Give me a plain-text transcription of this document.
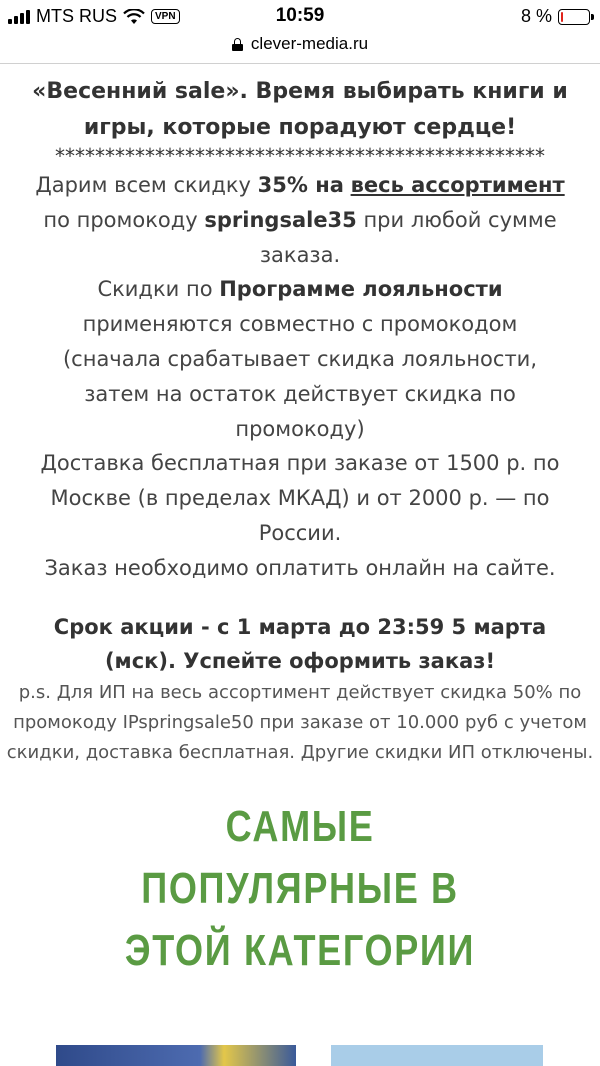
MTS RUS	VPN	10:59	8 %
clever-media.ru
«Весенний sale». Время выбирать книги и игры, которые порадуют сердце!
*************************************************

Дарим всем скидку 35% на весь ассортимент
по промокоду springsale35 при любой сумме заказа.

Скидки по Программе лояльности применяются совместно с промокодом (сначала срабатывает скидка лояльности, затем на остаток действует скидка по промокоду)

Доставка бесплатная при заказе от 1500 р. по Москве (в пределах МКАД) и от 2000 р. — по России.

Заказ необходимо оплатить онлайн на сайте.

Срок акции - с 1 марта до 23:59 5 марта (мск). Успейте оформить заказ!

p.s. Для ИП на весь ассортимент действует скидка 50% по промокоду IPspringsale50 при заказе от 10.000 руб с учетом скидки, доставка бесплатная. Другие скидки ИП отключены.

САМЫЕ ПОПУЛЯРНЫЕ В ЭТОЙ КАТЕГОРИИ
